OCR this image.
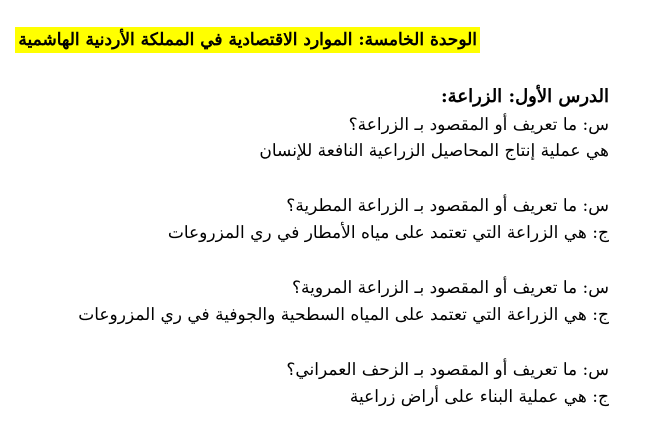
الوحدة الخامسة: الموارد الاقتصادية في المملكة الأردنية الهاشمية
الدرس الأول: الزراعة:
س: ما تعريف أو المقصود بـ الزراعة؟
هي عملية إنتاج المحاصيل الزراعية النافعة للإنسان
س: ما تعريف أو المقصود بـ الزراعة المطرية؟
ج: هي الزراعة التي تعتمد على مياه الأمطار في ري المزروعات
س: ما تعريف أو المقصود بـ الزراعة المروية؟
ج: هي الزراعة التي تعتمد على المياه السطحية والجوفية في ري المزروعات
س: ما تعريف أو المقصود بـ الزحف العمراني؟
ج: هي عملية البناء على أراض زراعية
